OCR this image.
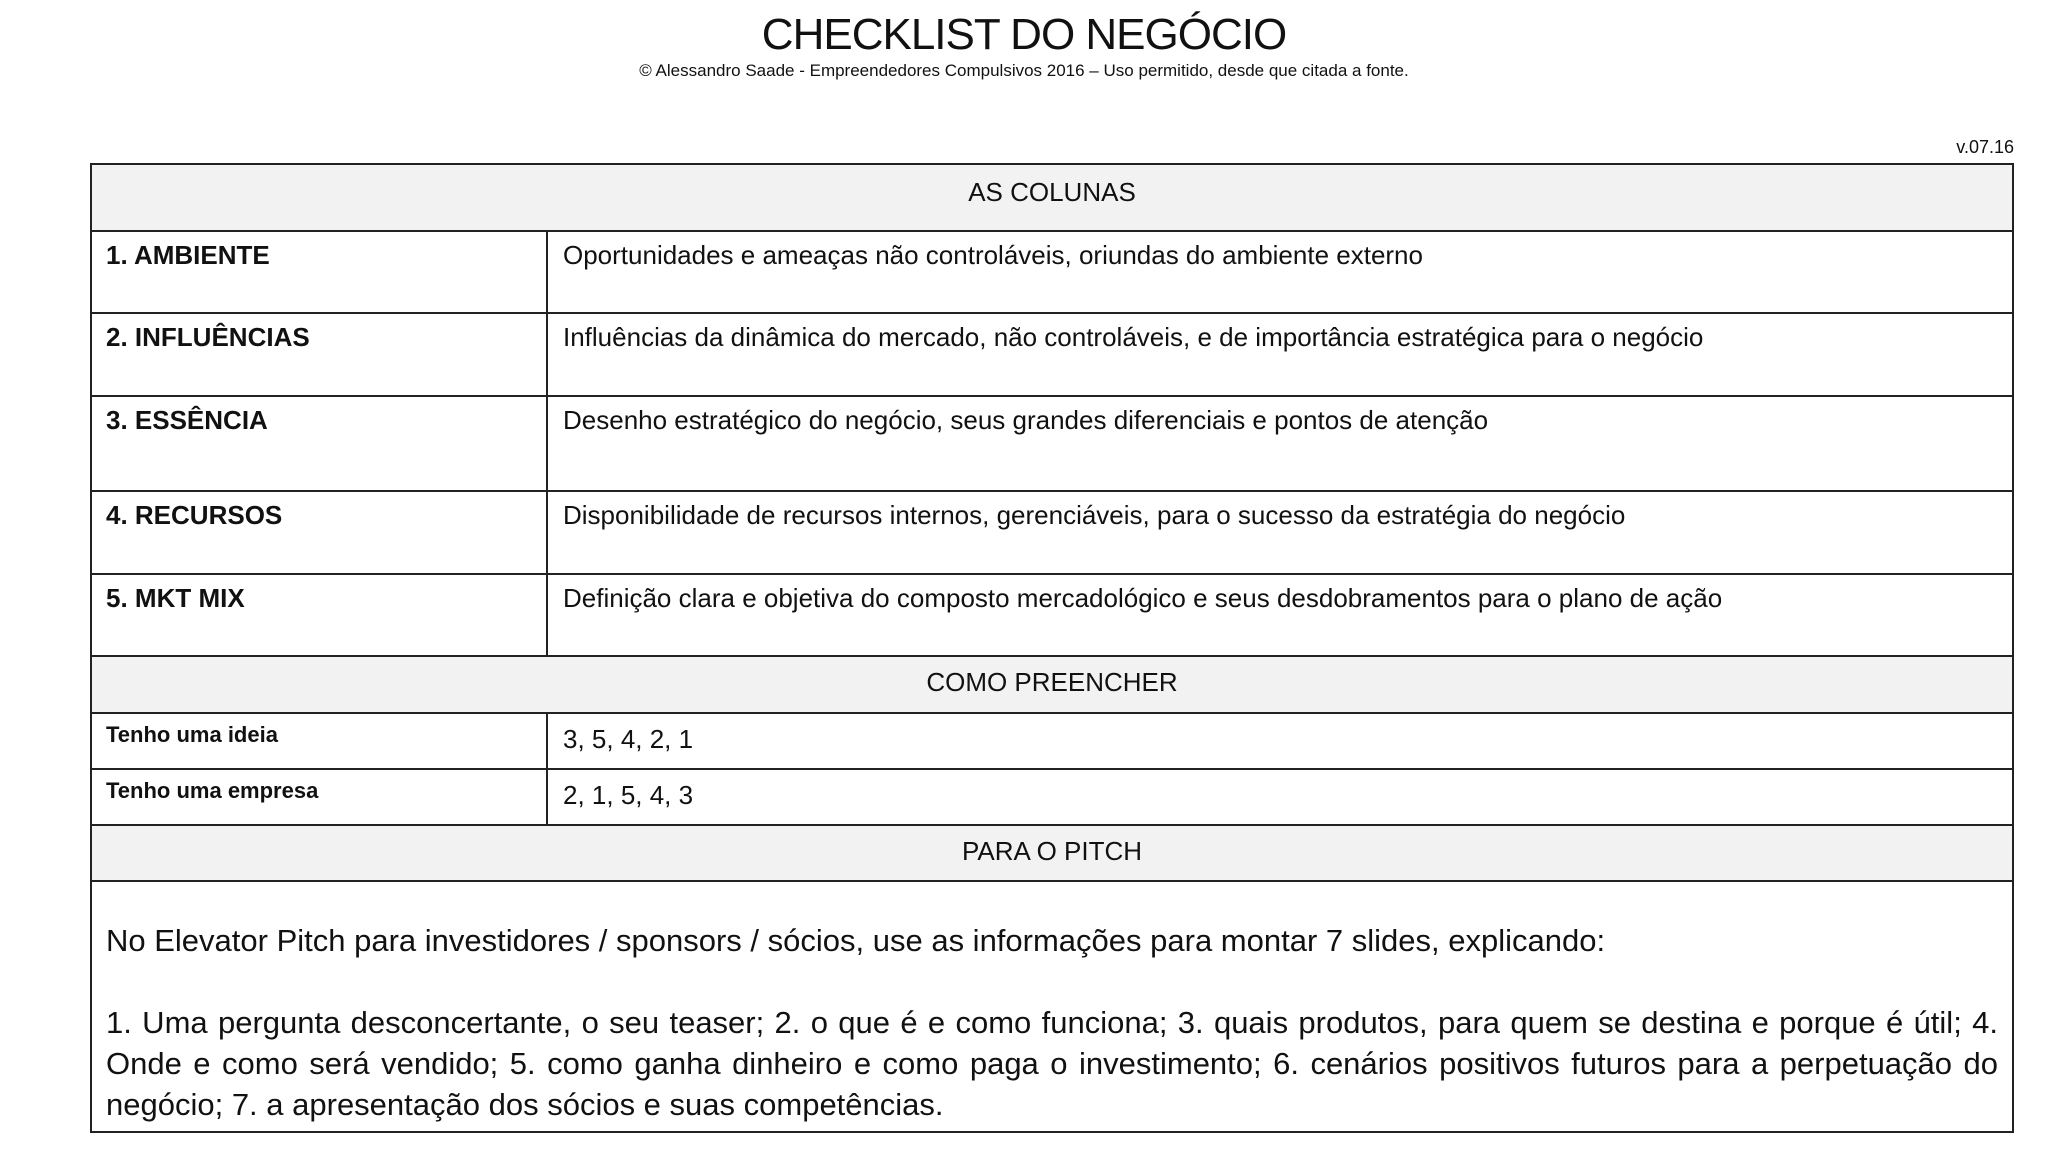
CHECKLIST DO NEGÓCIO
© Alessandro Saade - Empreendedores Compulsivos 2016 – Uso permitido, desde que citada a fonte.
v.07.16
AS COLUNAS
1. AMBIENTE	Oportunidades e ameaças não controláveis, oriundas do ambiente externo
2. INFLUÊNCIAS	Influências da dinâmica do mercado, não controláveis, e de importância estratégica para o negócio
3. ESSÊNCIA	Desenho estratégico do negócio, seus grandes diferenciais e pontos de atenção
4. RECURSOS	Disponibilidade de recursos internos, gerenciáveis, para o sucesso da estratégia do negócio
5. MKT MIX	Definição clara e objetiva do composto mercadológico e seus desdobramentos para o plano de ação
COMO PREENCHER
Tenho uma ideia	3, 5, 4, 2, 1
Tenho uma empresa	2, 1, 5, 4, 3
PARA O PITCH

No Elevator Pitch para investidores / sponsors / sócios, use as informações para montar 7 slides, explicando:

1. Uma pergunta desconcertante, o seu teaser; 2. o que é e como funciona; 3. quais produtos, para quem se destina e porque é útil; 4. Onde e como será vendido; 5. como ganha dinheiro e como paga o investimento; 6. cenários positivos futuros para a perpetuação do negócio; 7. a apresentação dos sócios e suas competências.
